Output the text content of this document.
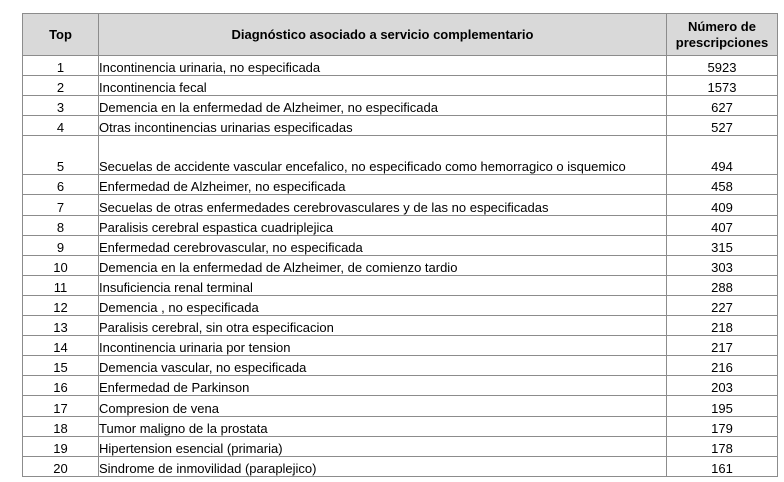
Top	Diagnóstico asociado a servicio complementario	Número de prescripciones
1	Incontinencia urinaria, no especificada	5923
2	Incontinencia fecal	1573
3	Demencia en la enfermedad de Alzheimer, no especificada	627
4	Otras incontinencias urinarias especificadas	527
5	Secuelas de accidente vascular encefalico, no especificado como hemorragico o isquemico	494
6	Enfermedad de Alzheimer, no especificada	458
7	Secuelas de otras enfermedades cerebrovasculares y de las no especificadas	409
8	Paralisis cerebral espastica cuadriplejica	407
9	Enfermedad cerebrovascular, no especificada	315
10	Demencia en la enfermedad de Alzheimer, de comienzo tardio	303
11	Insuficiencia renal terminal	288
12	Demencia , no especificada	227
13	Paralisis cerebral, sin otra especificacion	218
14	Incontinencia urinaria por tension	217
15	Demencia vascular, no especificada	216
16	Enfermedad de Parkinson	203
17	Compresion de vena	195
18	Tumor maligno de la prostata	179
19	Hipertension esencial (primaria)	178
20	Sindrome de inmovilidad (paraplejico)	161
